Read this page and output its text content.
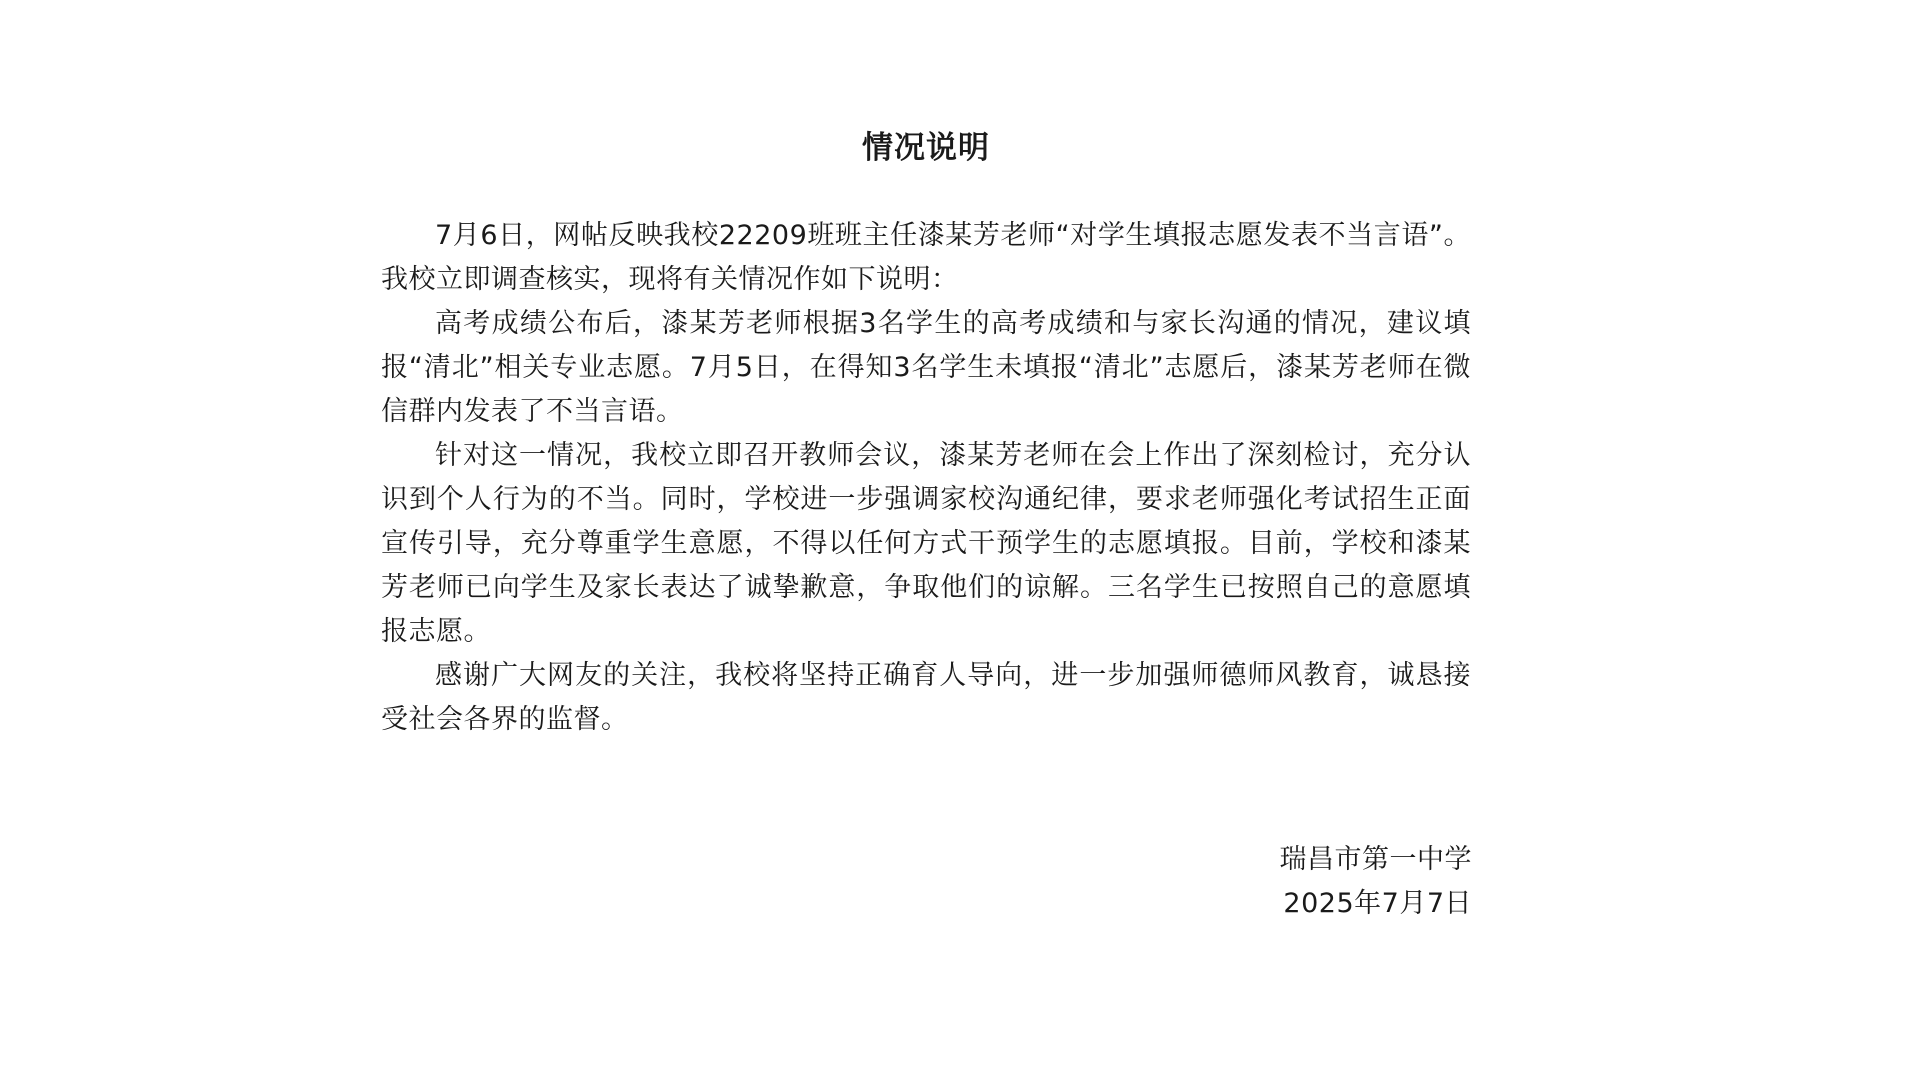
情况说明

7月6日，网帖反映我校22209班班主任漆某芳老师“对学生填报志愿发表不当言语”。我校立即调查核实，现将有关情况作如下说明：

高考成绩公布后，漆某芳老师根据3名学生的高考成绩和与家长沟通的情况，建议填报“清北”相关专业志愿。7月5日，在得知3名学生未填报“清北”志愿后，漆某芳老师在微信群内发表了不当言语。

针对这一情况，我校立即召开教师会议，漆某芳老师在会上作出了深刻检讨，充分认识到个人行为的不当。同时，学校进一步强调家校沟通纪律，要求老师强化考试招生正面宣传引导，充分尊重学生意愿，不得以任何方式干预学生的志愿填报。目前，学校和漆某芳老师已向学生及家长表达了诚挚歉意，争取他们的谅解。三名学生已按照自己的意愿填报志愿。

感谢广大网友的关注，我校将坚持正确育人导向，进一步加强师德师风教育，诚恳接受社会各界的监督。

瑞昌市第一中学
2025年7月7日
